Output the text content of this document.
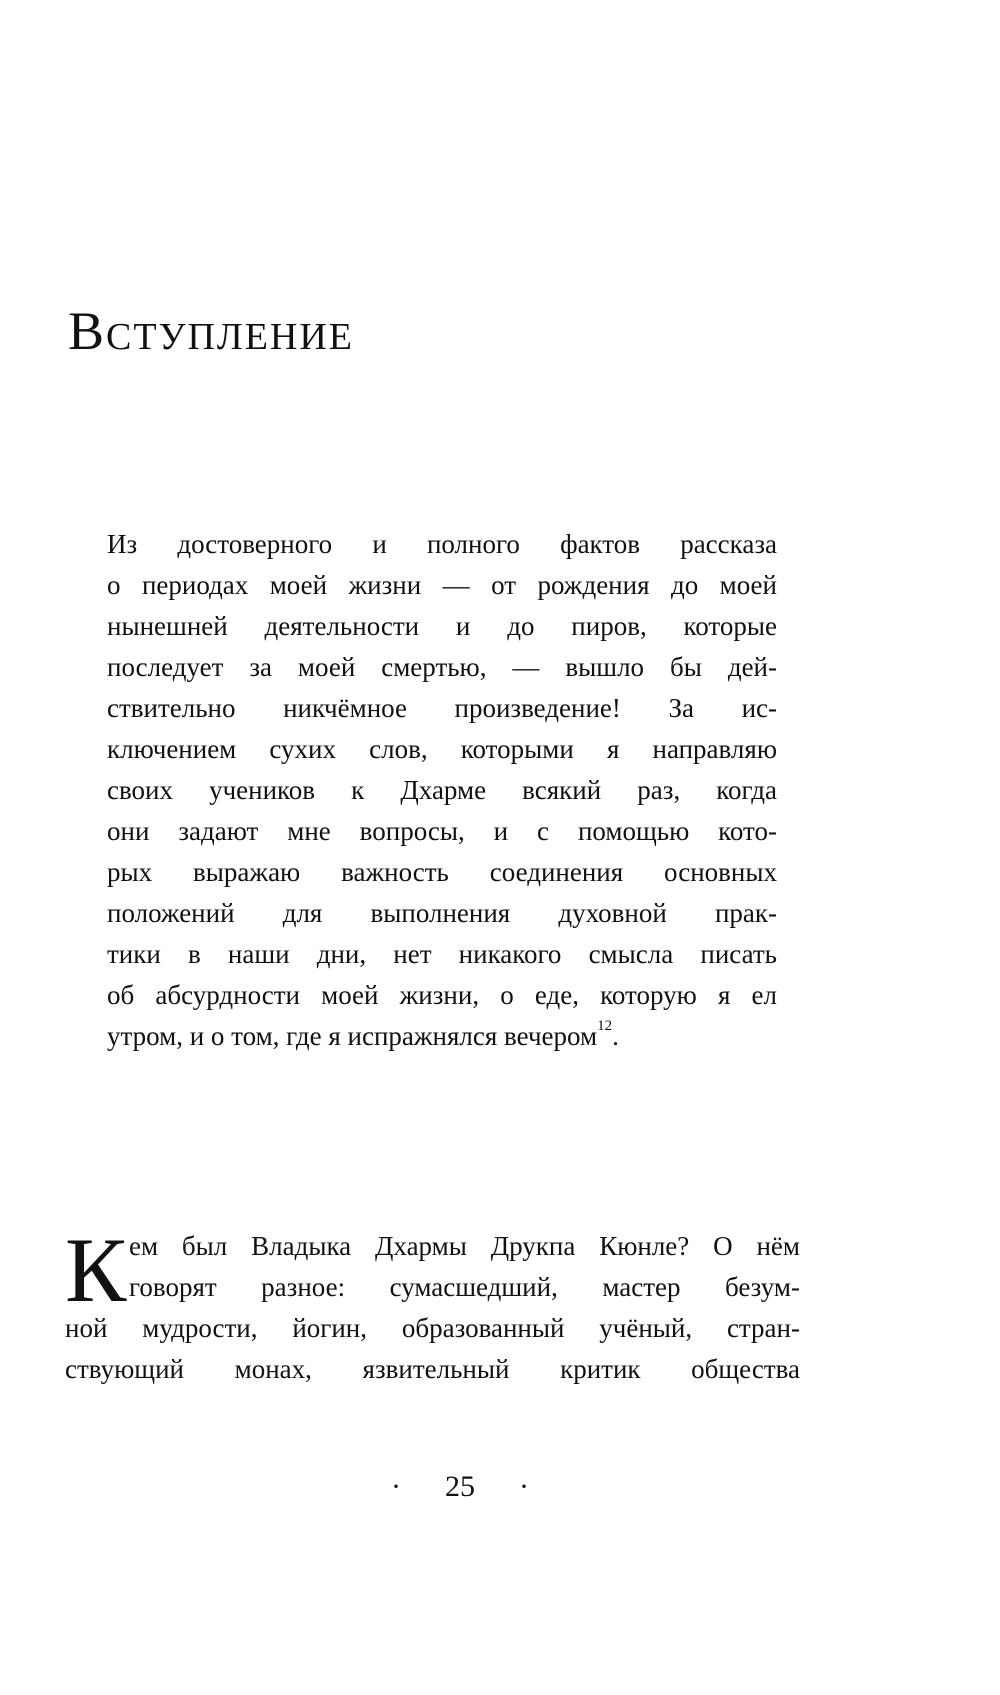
Вступление
Из достоверного и полного фактов рассказа
о периодах моей жизни — от рождения до моей
нынешней деятельности и до пиров, которые
последует за моей смертью, — вышло бы дей-
ствительно никчёмное произведение! За ис-
ключением сухих слов, которыми я направляю
своих учеников к Дхарме всякий раз, когда
они задают мне вопросы, и с помощью кото-
рых выражаю важность соединения основных
положений для выполнения духовной прак-
тики в наши дни, нет никакого смысла писать
об абсурдности моей жизни, о еде, которую я ел
утром, и о том, где я испражнялся вечером$^{12}$.
К ем был Владыка Дхармы Друкпа Кюнле? О нём
говорят разное: сумасшедший, мастер безум-
ной мудрости, йогин, образованный учёный, стран-
ствующий монах, язвительный критик общества
· 25 ·
